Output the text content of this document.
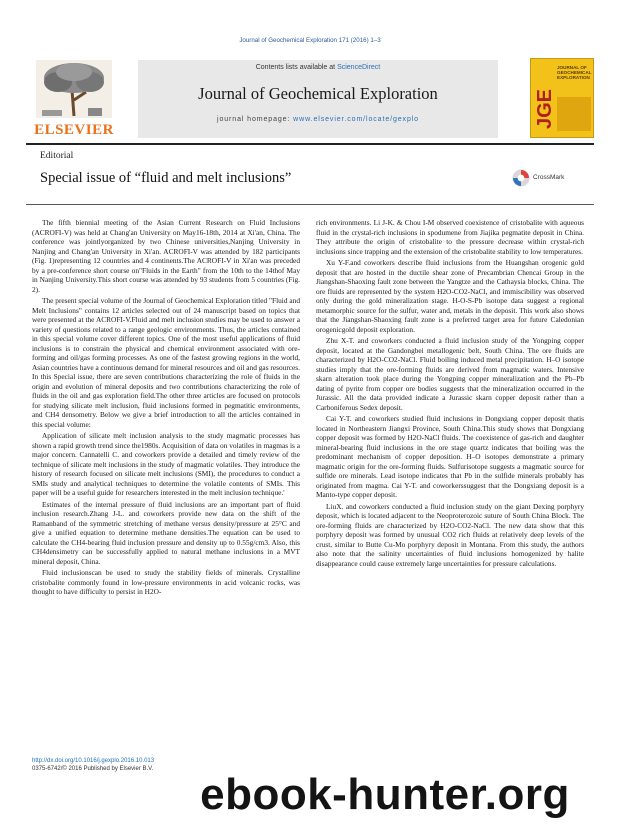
Journal of Geochemical Exploration 171 (2016) 1–3
ELSEVIER
Contents lists available at ScienceDirect
Journal of Geochemical Exploration
journal homepage: www.elsevier.com/locate/gexplo	JGE
JOURNAL OF GEOCHEMICAL EXPLORATION
Editorial
Special issue of “fluid and melt inclusions”	CrossMark

The fifth biennial meeting of the Asian Current Research on Fluid Inclusions (ACROFI-V) was held at Chang'an University on May16-18th, 2014 at Xi'an, China. The conference was jointlyorganized by two Chinese universities,Nanjing University in Nanjing and Chang'an University in Xi'an. ACROFI-V was attended by 182 participants (Fig. 1)representing 12 countries and 4 continents.The ACROFI-V in Xi'an was preceded by a pre-conference short course on"Fluids in the Earth" from the 10th to the 14thof May in Nanjing University.This short course was attended by 93 students from 5 countries (Fig. 2).

The present special volume of the Journal of Geochemical Exploration titled "Fluid and Melt Inclusions" contains 12 articles selected out of 24 manuscript based on topics that were presented at the ACROFI-V.Fluid and melt inclusion studies may be used to answer a variety of questions related to a range geologic environments. Thus, the articles contained in this special volume cover different topics. One of the most useful applications of fluid inclusions is to constrain the physical and chemical environment associated with ore-forming and oil/gas forming processes. As one of the fastest growing regions in the world, Asian countries have a continuous demand for mineral resources and oil and gas resources. In this Special issue, there are seven contributions characterizing the role of fluids in the origin and evolution of mineral deposits and two contributions characterizing the role of fluids in the oil and gas exploration field.The other three articles are focused on protocols for studying silicate melt inclusion, fluid inclusions formed in pegmatitic environments, and CH4 densometry. Below we give a brief introduction to all the articles contained in this special volume:

Application of silicate melt inclusion analysis to the study magmatic processes has shown a rapid growth trend since the1980s. Acquisition of data on volatiles in magmas is a major concern. Cannatelli C. and coworkers provide a detailed and timely review of the technique of silicate melt inclusions in the study of magmatic volatiles. They introduce the history of research focused on silicate melt inclusions (SMI), the procedures to conduct a SMIs study and analytical techniques to determine the volatile contents of SMIs. This paper will be a useful guide for researchers interested in the melt inclusion technique.'

Estimates of the internal pressure of fluid inclusions are an important part of fluid inclusion research.Zhang J-L. and coworkers provide new data on the shift of the Ramanband of the symmetric stretching of methane versus density/pressure at 25°C and give a unified equation to determine methane densities.The equation can be used to calculate the CH4-bearing fluid inclusion pressure and density up to 0.55g/cm3. Also, this CH4densimetry can be successfully applied to natural methane inclusions in a MVT mineral deposit, China.

Fluid inclusionscan be used to study the stability fields of minerals. Crystalline cristobalite commonly found in low-pressure environments in acid volcanic rocks, was thought to have difficulty to persist in H2O-

rich environments. Li J-K. & Chou I-M observed coexistence of cristobalite with aqueous fluid in the crystal-rich inclusions in spodumene from Jiajika pegmatite deposit in China. They attribute the origin of cristobalite to the pressure decrease within crystal-rich inclusions since trapping and the extension of the cristobalite stability to low temperatures.

Xu Y-F.and coworkers describe fluid inclusions from the Huangshan orogenic gold deposit that are hosted in the ductile shear zone of Precambrian Chencai Group in the Jiangshan-Shaoxing fault zone between the Yangtze and the Cathaysia blocks, China. The ore fluids are represented by the system H2O-CO2-NaCl, and immiscibility was observed only during the gold mineralization stage. H-O-S-Pb isotope data suggest a regional metamorphic source for the sulfur, water and, metals in the deposit. This work also shows that the Jiangshan-Shaoxing fault zone is a preferred target area for future Caledonian orogenicgold deposit exploration.

Zhu X-T. and coworkers conducted a fluid inclusion study of the Yongping copper deposit, located at the Gandongbei metallogenic belt, South China. The ore fluids are characterized by H2O-CO2-NaCl. Fluid boiling induced metal precipitation. H–O isotope studies imply that the ore-forming fluids are derived from magmatic waters. Intensive skarn alteration took place during the Yongping copper mineralization and the Pb–Pb dating of pyrite from copper ore bodies suggests that the mineralization occurred in the Jurassic. All the data provided indicate a Jurassic skarn copper deposit rather than a Carboniferous Sedex deposit.

Cai Y-T. and coworkers studied fluid inclusions in Dongxiang copper deposit thatis located in Northeastern Jiangxi Province, South China.This study shows that Dongxiang copper deposit was formed by H2O-NaCl fluids. The coexistence of gas-rich and daughter mineral-bearing fluid inclusions in the ore stage quartz indicates that boiling was the predominant mechanism of copper deposition. H–O isotopes demonstrate a primary magmatic origin for the ore-forming fluids. Sulfurisotope suggests a magmatic source for sulfide ore minerals. Lead isotope indicates that Pb in the sulfide minerals probably has originated from magma. Cai Y-T. and coworkerssuggest that the Dongxiang deposit is a Manto-type copper deposit.

LiuX. and coworkers conducted a fluid inclusion study on the giant Dexing porphyry deposit, which is located adjacent to the Neoproterozoic suture of South China Block. The ore-forming fluids are characterized by H2O-CO2-NaCl. The new data show that this porphyry deposit was formed by unusual CO2 rich fluids at relatively deep levels of the crust, similar to Butte Cu-Mo porphyry deposit in Montana. From this study, the authors also note that the salinity uncertainties of fluid inclusions homogenized by halite disappearance could cause extremely large uncertainties for pressure calculations.

http://dx.doi.org/10.1016/j.gexplo.2016.10.013
0375-6742/© 2016 Published by Elsevier B.V.
ebook-hunter.org
